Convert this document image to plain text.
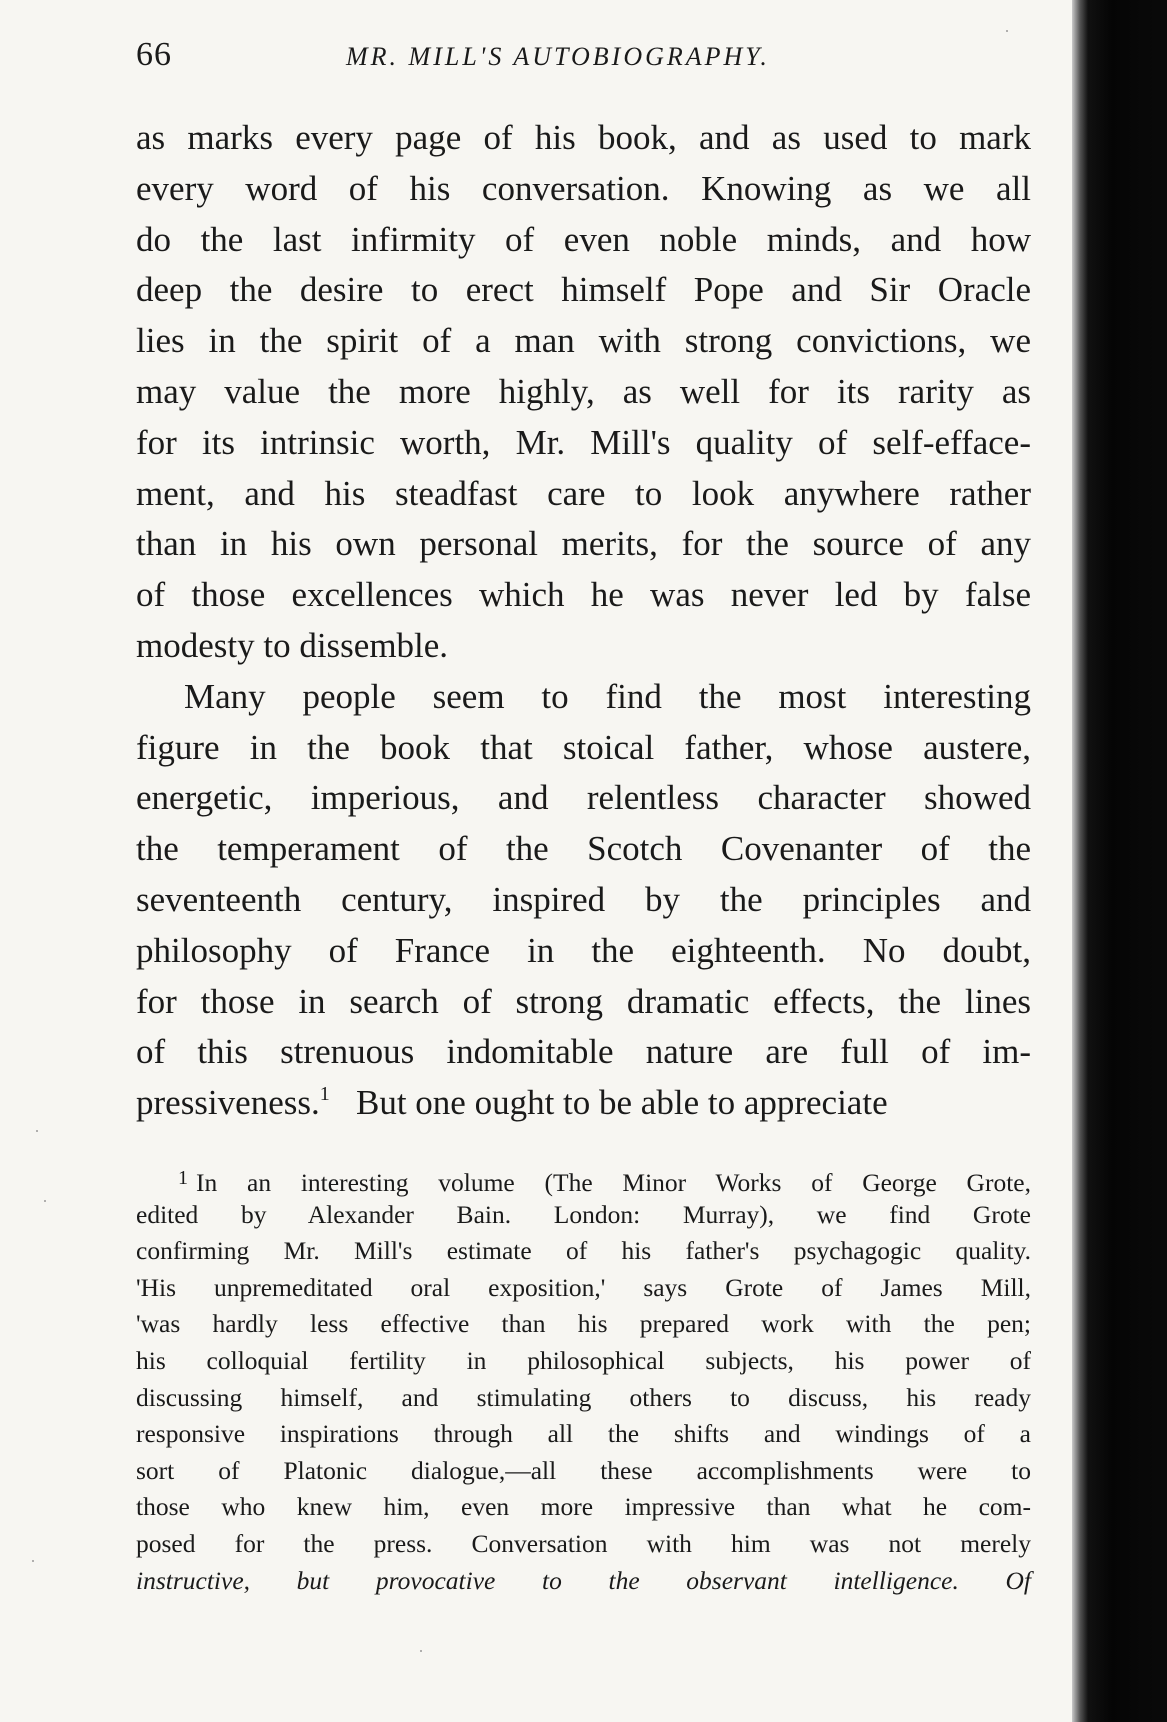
66	MR. MILL'S AUTOBIOGRAPHY.
as marks every page of his book, and as used to mark
every word of his conversation. Knowing as we all
do the last infirmity of even noble minds, and how
deep the desire to erect himself Pope and Sir Oracle
lies in the spirit of a man with strong convictions, we
may value the more highly, as well for its rarity as
for its intrinsic worth, Mr. Mill's quality of self-efface-
ment, and his steadfast care to look anywhere rather
than in his own personal merits, for the source of any
of those excellences which he was never led by false
modesty to dissemble.
Many people seem to find the most interesting
figure in the book that stoical father, whose austere,
energetic, imperious, and relentless character showed
the temperament of the Scotch Covenanter of the
seventeenth century, inspired by the principles and
philosophy of France in the eighteenth. No doubt,
for those in search of strong dramatic effects, the lines
of this strenuous indomitable nature are full of im-
pressiveness.$^1$ But one ought to be able to appreciate
$^1$ In an interesting volume (The Minor Works of George Grote,
edited by Alexander Bain. London: Murray), we find Grote
confirming Mr. Mill's estimate of his father's psychagogic quality.
'His unpremeditated oral exposition,' says Grote of James Mill,
'was hardly less effective than his prepared work with the pen;
his colloquial fertility in philosophical subjects, his power of
discussing himself, and stimulating others to discuss, his ready
responsive inspirations through all the shifts and windings of a
sort of Platonic dialogue,—all these accomplishments were to
those who knew him, even more impressive than what he com-
posed for the press. Conversation with him was not merely
instructive, but provocative to the observant intelligence. Of
